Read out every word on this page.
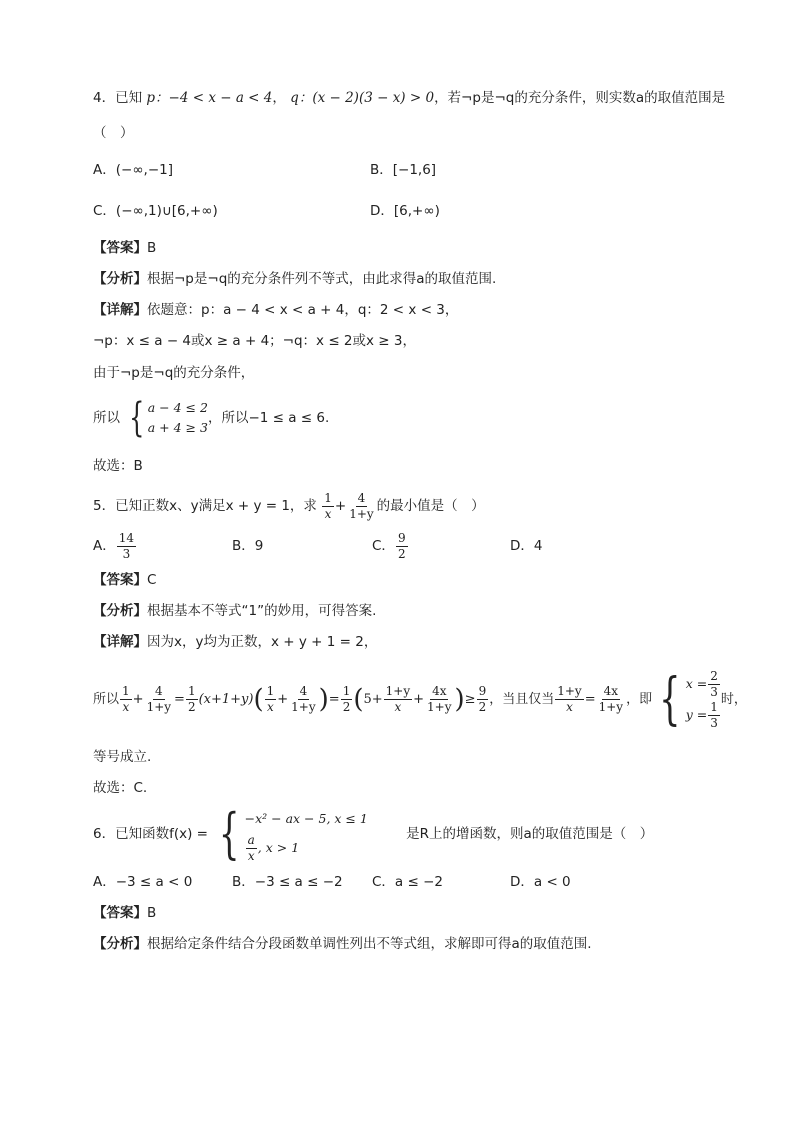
4．已知 p：−4 < x − a < 4， q：(x − 2)(3 − x) > 0，若¬p是¬q的充分条件，则实数a的取值范围是
（　）
A．(−∞,−1]	B．[−1,6]
C．(−∞,1)∪[6,+∞)	D．[6,+∞)
【答案】B
【分析】根据¬p是¬q的充分条件列不等式，由此求得a的取值范围.
【详解】依题意：p：a − 4 < x < a + 4，q：2 < x < 3，
¬p：x ≤ a − 4或x ≥ a + 4；¬q：x ≤ 2或x ≥ 3，
由于¬p是¬q的充分条件，
所以 { a − 4 ≤ 2
a + 4 ≥ 3
，所以−1 ≤ a ≤ 6.
故选：B
5．已知正数x、y满足x + y = 1，求 $\frac{1}{x} + \frac{4}{1+y}$ 的最小值是（　）
A． $\frac{14}{3}$	B．9	C． $\frac{9}{2}$	D．4
【答案】C
【分析】根据基本不等式“1”的妙用，可得答案.
【详解】因为x，y均为正数，x + y + 1 = 2，
所以 $\frac{1}{x} + \frac{4}{1+y} = \frac{1}{2} (x+1+y)( \frac{1}{x} + \frac{4}{1+y}$ )= $\frac{1}{2} (5+ \frac{1+y}{x} + \frac{4x}{1+y}$ )≥ $\frac{9}{2}$ ，当且仅当 $\frac{1+y}{x} = \frac{4x}{1+y}$ ，即 { $x = \frac{2}{3}$
$y = \frac{1}{3}$ 时，
等号成立.
故选：C.
6．已知函数f(x) = { −x² − ax − 5, x ≤ 1
$\frac{a}{x}$ , x > 1
是R上的增函数，则a的取值范围是（　）
A．−3 ≤ a < 0	B．−3 ≤ a ≤ −2 C．a ≤ −2	D．a < 0
【答案】B
【分析】根据给定条件结合分段函数单调性列出不等式组，求解即可得a的取值范围.
